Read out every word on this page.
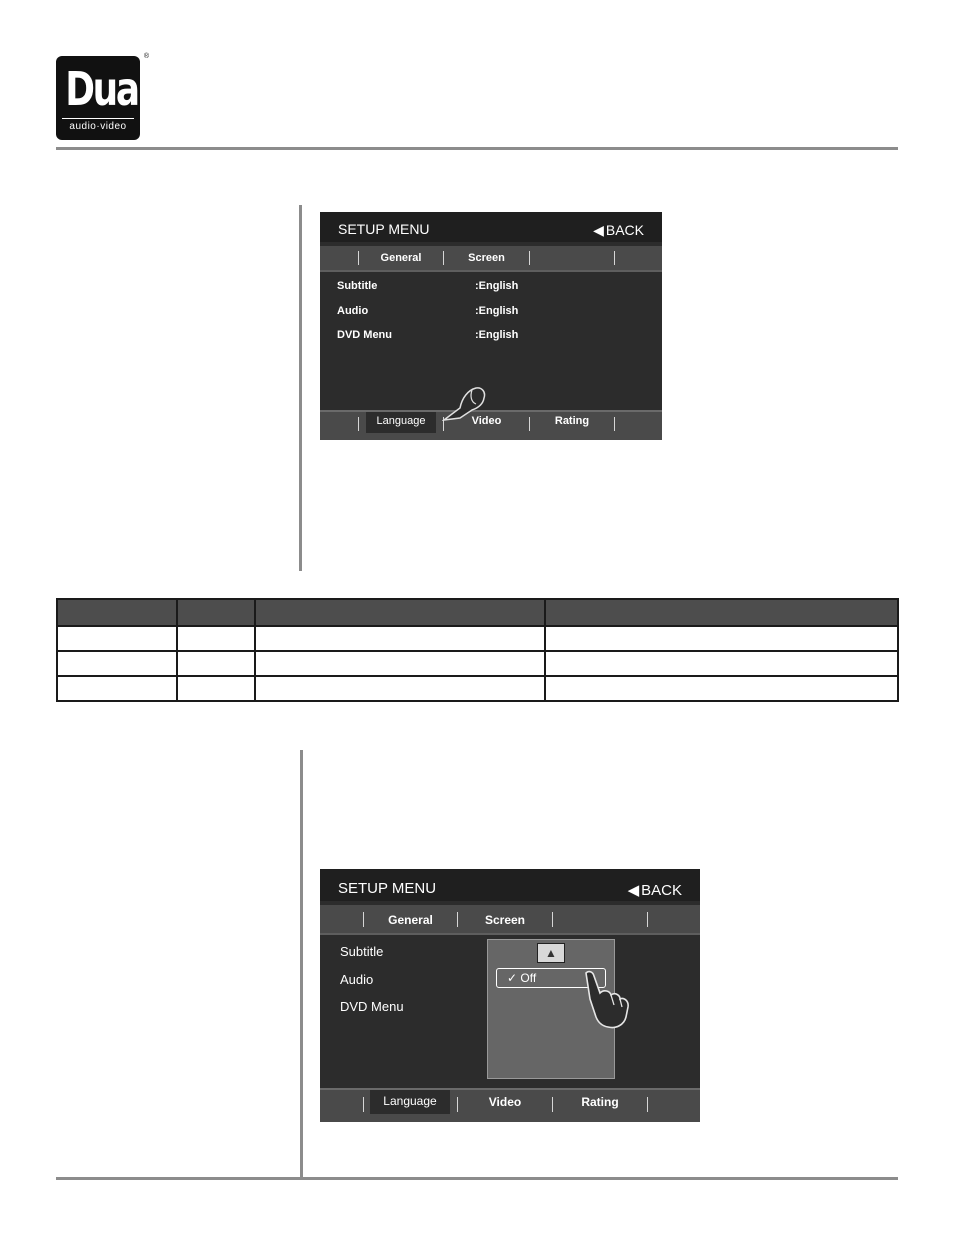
Dual
audio·video
®
SETUP MENU	◀ BACK
General	Screen
Subtitle	:English
Audio	:English
DVD Menu	:English
Language	Video	Rating

SETUP MENU	◀ BACK
General	Screen
Subtitle
Audio
DVD Menu
▲
✓ Off
Language	Video	Rating
